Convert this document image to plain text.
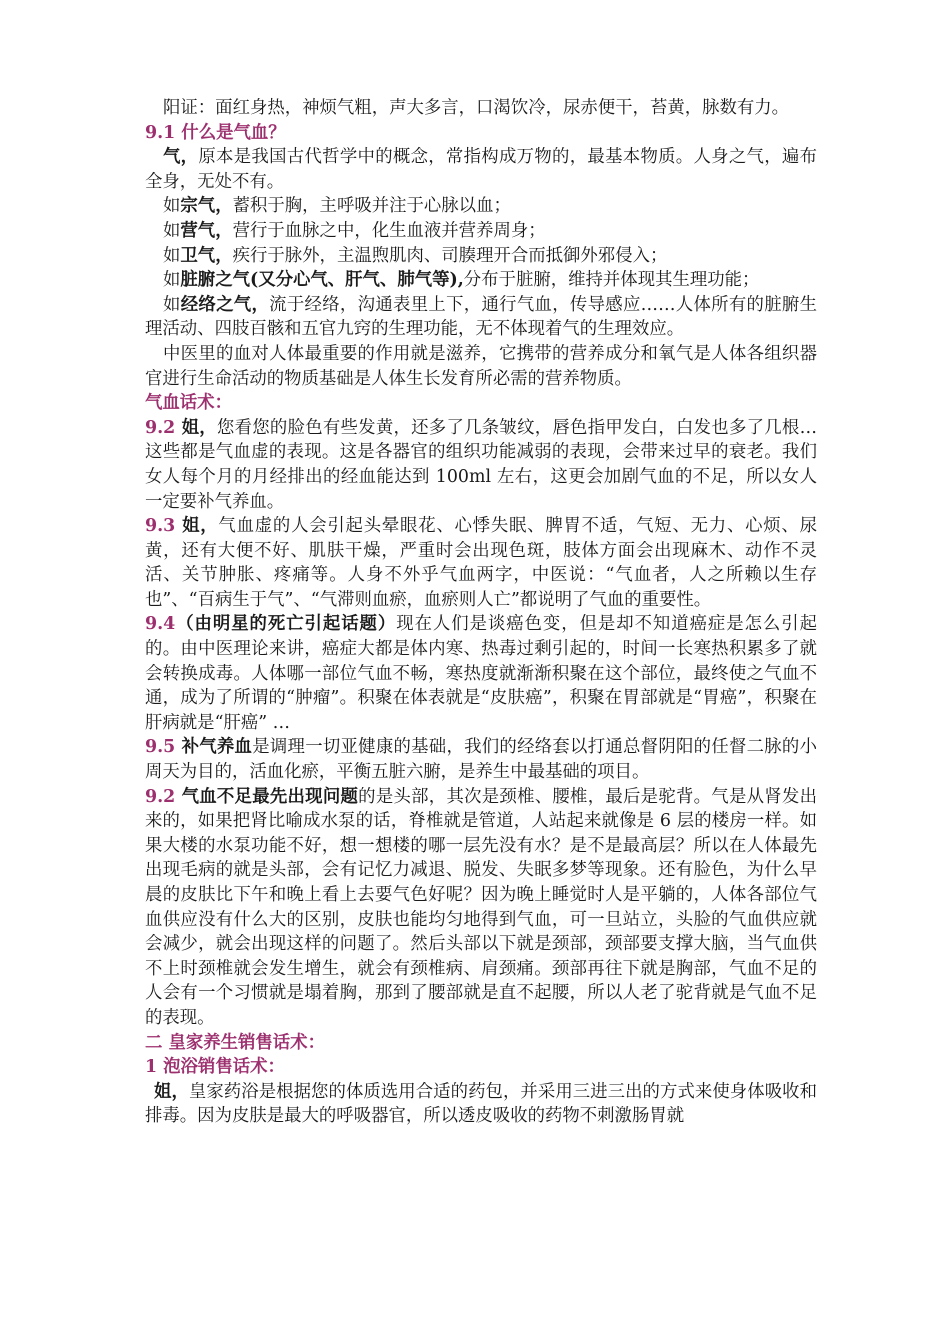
阳证：面红身热，神烦气粗，声大多言，口渴饮冷，尿赤便干，苔黄，脉数有力。

9.1 什么是气血？

气，原本是我国古代哲学中的概念，常指构成万物的，最基本物质。人身之气，遍布全身，无处不有。

如宗气，蓄积于胸，主呼吸并注于心脉以血；

如营气，营行于血脉之中，化生血液并营养周身；

如卫气，疾行于脉外，主温煦肌肉、司腠理开合而抵御外邪侵入；

如脏腑之气(又分心气、肝气、肺气等),分布于脏腑，维持并体现其生理功能；

如经络之气，流于经络，沟通表里上下，通行气血，传导感应……人体所有的脏腑生理活动、四肢百骸和五官九窍的生理功能，无不体现着气的生理效应。

中医里的血对人体最重要的作用就是滋养，它携带的营养成分和氧气是人体各组织器官进行生命活动的物质基础是人体生长发育所必需的营养物质。

气血话术：

9.2 姐，您看您的脸色有些发黄，还多了几条皱纹，唇色指甲发白，白发也多了几根…这些都是气血虚的表现。这是各器官的组织功能减弱的表现，会带来过早的衰老。我们女人每个月的月经排出的经血能达到 100ml 左右，这更会加剧气血的不足，所以女人一定要补气养血。

9.3 姐，气血虚的人会引起头晕眼花、心悸失眠、脾胃不适，气短、无力、心烦、尿黄，还有大便不好、肌肤干燥，严重时会出现色斑，肢体方面会出现麻木、动作不灵活、关节肿胀、疼痛等。人身不外乎气血两字，中医说：“气血者，人之所赖以生存也”、“百病生于气”、“气滞则血瘀，血瘀则人亡”都说明了气血的重要性。

9.4（由明星的死亡引起话题）现在人们是谈癌色变，但是却不知道癌症是怎么引起的。由中医理论来讲，癌症大都是体内寒、热毒过剩引起的，时间一长寒热积累多了就会转换成毒。人体哪一部位气血不畅，寒热度就渐渐积聚在这个部位，最终使之气血不通，成为了所谓的“肿瘤”。积聚在体表就是“皮肤癌”，积聚在胃部就是“胃癌”，积聚在肝病就是“肝癌” …

9.5 补气养血是调理一切亚健康的基础，我们的经络套以打通总督阴阳的任督二脉的小周天为目的，活血化瘀，平衡五脏六腑，是养生中最基础的项目。

9.2 气血不足最先出现问题的是头部，其次是颈椎、腰椎，最后是驼背。气是从肾发出来的，如果把肾比喻成水泵的话，脊椎就是管道，人站起来就像是 6 层的楼房一样。如果大楼的水泵功能不好，想一想楼的哪一层先没有水？是不是最高层？所以在人体最先出现毛病的就是头部，会有记忆力减退、脱发、失眠多梦等现象。还有脸色，为什么早晨的皮肤比下午和晚上看上去要气色好呢？因为晚上睡觉时人是平躺的，人体各部位气血供应没有什么大的区别，皮肤也能均匀地得到气血，可一旦站立，头脸的气血供应就会减少，就会出现这样的问题了。然后头部以下就是颈部，颈部要支撑大脑，当气血供不上时颈椎就会发生增生，就会有颈椎病、肩颈痛。颈部再往下就是胸部，气血不足的人会有一个习惯就是塌着胸，那到了腰部就是直不起腰，所以人老了驼背就是气血不足的表现。

二 皇家养生销售话术：

1 泡浴销售话术：

姐，皇家药浴是根据您的体质选用合适的药包，并采用三进三出的方式来使身体吸收和排毒。因为皮肤是最大的呼吸器官，所以透皮吸收的药物不刺激肠胃就
